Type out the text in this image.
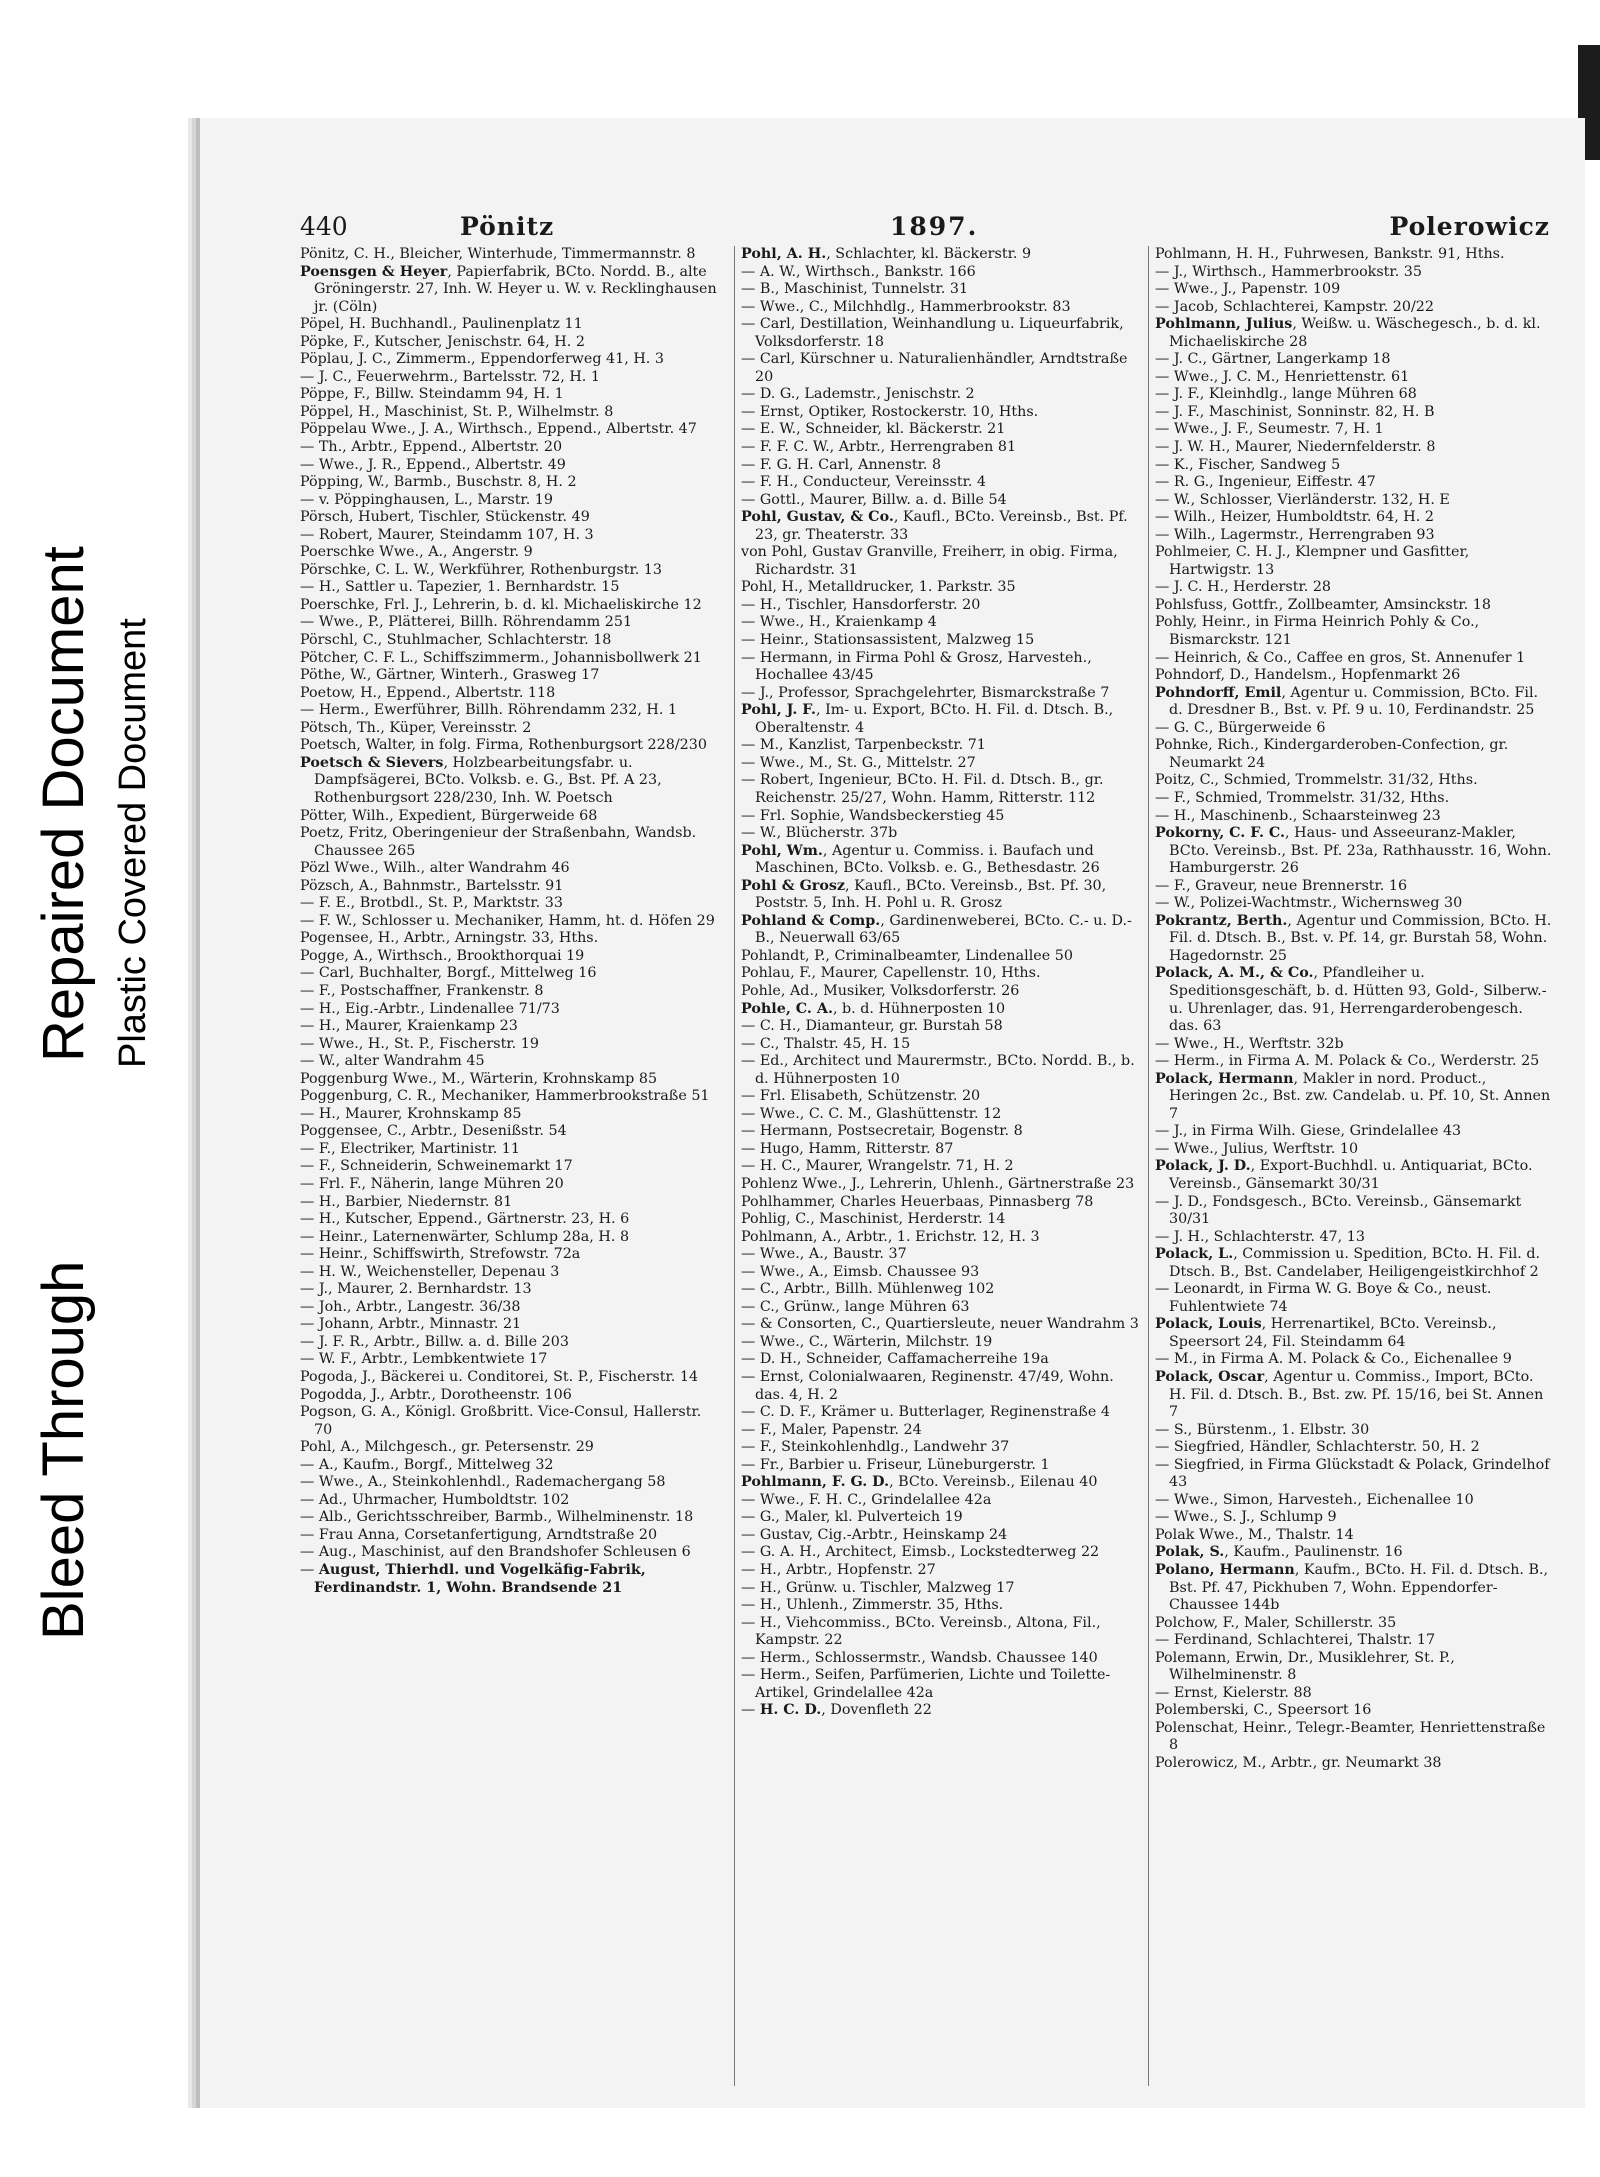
Bleed Through
Repaired Document Plastic Covered Document
440	Pönitz	1897.	Polerowicz
Pönitz, C. H., Bleicher, Winterhude, Timmermannstr. 8
Poensgen & Heyer, Papierfabrik, BCto. Nordd. B., alte Gröningerstr. 27, Inh. W. Heyer u. W. v. Recklinghausen jr. (Cöln)
Pöpel, H. Buchhandl., Paulinenplatz 11
Pöpke, F., Kutscher, Jenischstr. 64, H. 2
Pöplau, J. C., Zimmerm., Eppendorferweg 41, H. 3
— J. C., Feuerwehrm., Bartelsstr. 72, H. 1
Pöppe, F., Billw. Steindamm 94, H. 1
Pöppel, H., Maschinist, St. P., Wilhelmstr. 8
Pöppelau Wwe., J. A., Wirthsch., Eppend., Albertstr. 47
— Th., Arbtr., Eppend., Albertstr. 20
— Wwe., J. R., Eppend., Albertstr. 49
Pöpping, W., Barmb., Buschstr. 8, H. 2
— v. Pöppinghausen, L., Marstr. 19
Pörsch, Hubert, Tischler, Stückenstr. 49
— Robert, Maurer, Steindamm 107, H. 3
Poerschke Wwe., A., Angerstr. 9
Pörschke, C. L. W., Werkführer, Rothenburgstr. 13
— H., Sattler u. Tapezier, 1. Bernhardstr. 15
Poerschke, Frl. J., Lehrerin, b. d. kl. Michaeliskirche 12
— Wwe., P., Plätterei, Billh. Röhrendamm 251
Pörschl, C., Stuhlmacher, Schlachterstr. 18
Pötcher, C. F. L., Schiffszimmerm., Johannisbollwerk 21
Pöthe, W., Gärtner, Winterh., Grasweg 17
Poetow, H., Eppend., Albertstr. 118
— Herm., Ewerführer, Billh. Röhrendamm 232, H. 1
Pötsch, Th., Küper, Vereinsstr. 2
Poetsch, Walter, in folg. Firma, Rothenburgsort 228/230
Poetsch & Sievers, Holzbearbeitungsfabr. u. Dampfsägerei, BCto. Volksb. e. G., Bst. Pf. A 23, Rothenburgsort 228/230, Inh. W. Poetsch
Pötter, Wilh., Expedient, Bürgerweide 68
Poetz, Fritz, Oberingenieur der Straßenbahn, Wandsb. Chaussee 265
Pözl Wwe., Wilh., alter Wandrahm 46
Pözsch, A., Bahnmstr., Bartelsstr. 91
— F. E., Brotbdl., St. P., Marktstr. 33
— F. W., Schlosser u. Mechaniker, Hamm, ht. d. Höfen 29
Pogensee, H., Arbtr., Arningstr. 33, Hths.
Pogge, A., Wirthsch., Brookthorquai 19
— Carl, Buchhalter, Borgf., Mittelweg 16
— F., Postschaffner, Frankenstr. 8
— H., Eig.-Arbtr., Lindenallee 71/73
— H., Maurer, Kraienkamp 23
— Wwe., H., St. P., Fischerstr. 19
— W., alter Wandrahm 45
Poggenburg Wwe., M., Wärterin, Krohnskamp 85
Poggenburg, C. R., Mechaniker, Hammerbrookstraße 51
— H., Maurer, Krohnskamp 85
Poggensee, C., Arbtr., Desenißstr. 54
— F., Electriker, Martinistr. 11
— F., Schneiderin, Schweinemarkt 17
— Frl. F., Näherin, lange Mühren 20
— H., Barbier, Niedernstr. 81
— H., Kutscher, Eppend., Gärtnerstr. 23, H. 6
— Heinr., Laternenwärter, Schlump 28a, H. 8
— Heinr., Schiffswirth, Strefowstr. 72a
— H. W., Weichensteller, Depenau 3
— J., Maurer, 2. Bernhardstr. 13
— Joh., Arbtr., Langestr. 36/38
— Johann, Arbtr., Minnastr. 21
— J. F. R., Arbtr., Billw. a. d. Bille 203
— W. F., Arbtr., Lembkentwiete 17
Pogoda, J., Bäckerei u. Conditorei, St. P., Fischerstr. 14
Pogodda, J., Arbtr., Dorotheenstr. 106
Pogson, G. A., Königl. Großbritt. Vice-Consul, Hallerstr. 70
Pohl, A., Milchgesch., gr. Petersenstr. 29
— A., Kaufm., Borgf., Mittelweg 32
— Wwe., A., Steinkohlenhdl., Rademachergang 58
— Ad., Uhrmacher, Humboldtstr. 102
— Alb., Gerichtsschreiber, Barmb., Wilhelminenstr. 18
— Frau Anna, Corsetanfertigung, Arndtstraße 20
— Aug., Maschinist, auf den Brandshofer Schleusen 6
— August, Thierhdl. und Vogelkäfig-Fabrik, Ferdinandstr. 1, Wohn. Brandsende 21
Pohl, A. H., Schlachter, kl. Bäckerstr. 9
— A. W., Wirthsch., Bankstr. 166
— B., Maschinist, Tunnelstr. 31
— Wwe., C., Milchhdlg., Hammerbrookstr. 83
— Carl, Destillation, Weinhandlung u. Liqueurfabrik, Volksdorferstr. 18
— Carl, Kürschner u. Naturalienhändler, Arndtstraße 20
— D. G., Lademstr., Jenischstr. 2
— Ernst, Optiker, Rostockerstr. 10, Hths.
— E. W., Schneider, kl. Bäckerstr. 21
— F. F. C. W., Arbtr., Herrengraben 81
— F. G. H. Carl, Annenstr. 8
— F. H., Conducteur, Vereinsstr. 4
— Gottl., Maurer, Billw. a. d. Bille 54
Pohl, Gustav, & Co., Kaufl., BCto. Vereinsb., Bst. Pf. 23, gr. Theaterstr. 33
von Pohl, Gustav Granville, Freiherr, in obig. Firma, Richardstr. 31
Pohl, H., Metalldrucker, 1. Parkstr. 35
— H., Tischler, Hansdorferstr. 20
— Wwe., H., Kraienkamp 4
— Heinr., Stationsassistent, Malzweg 15
— Hermann, in Firma Pohl & Grosz, Harvesteh., Hochallee 43/45
— J., Professor, Sprachgelehrter, Bismarckstraße 7
Pohl, J. F., Im- u. Export, BCto. H. Fil. d. Dtsch. B., Oberaltenstr. 4
— M., Kanzlist, Tarpenbeckstr. 71
— Wwe., M., St. G., Mittelstr. 27
— Robert, Ingenieur, BCto. H. Fil. d. Dtsch. B., gr. Reichenstr. 25/27, Wohn. Hamm, Ritterstr. 112
— Frl. Sophie, Wandsbeckerstieg 45
— W., Blücherstr. 37b
Pohl, Wm., Agentur u. Commiss. i. Baufach und Maschinen, BCto. Volksb. e. G., Bethesdastr. 26
Pohl & Grosz, Kaufl., BCto. Vereinsb., Bst. Pf. 30, Poststr. 5, Inh. H. Pohl u. R. Grosz
Pohland & Comp., Gardinenweberei, BCto. C.- u. D.-B., Neuerwall 63/65
Pohlandt, P., Criminalbeamter, Lindenallee 50
Pohlau, F., Maurer, Capellenstr. 10, Hths.
Pohle, Ad., Musiker, Volksdorferstr. 26
Pohle, C. A., b. d. Hühnerposten 10
— C. H., Diamanteur, gr. Burstah 58
— C., Thalstr. 45, H. 15
— Ed., Architect und Maurermstr., BCto. Nordd. B., b. d. Hühnerposten 10
— Frl. Elisabeth, Schützenstr. 20
— Wwe., C. C. M., Glashüttenstr. 12
— Hermann, Postsecretair, Bogenstr. 8
— Hugo, Hamm, Ritterstr. 87
— H. C., Maurer, Wrangelstr. 71, H. 2
Pohlenz Wwe., J., Lehrerin, Uhlenh., Gärtnerstraße 23
Pohlhammer, Charles Heuerbaas, Pinnasberg 78
Pohlig, C., Maschinist, Herderstr. 14
Pohlmann, A., Arbtr., 1. Erichstr. 12, H. 3
— Wwe., A., Baustr. 37
— Wwe., A., Eimsb. Chaussee 93
— C., Arbtr., Billh. Mühlenweg 102
— C., Grünw., lange Mühren 63
— & Consorten, C., Quartiersleute, neuer Wandrahm 3
— Wwe., C., Wärterin, Milchstr. 19
— D. H., Schneider, Caffamacherreihe 19a
— Ernst, Colonialwaaren, Reginenstr. 47/49, Wohn. das. 4, H. 2
— C. D. F., Krämer u. Butterlager, Reginenstraße 4
— F., Maler, Papenstr. 24
— F., Steinkohlenhdlg., Landwehr 37
— Fr., Barbier u. Friseur, Lüneburgerstr. 1
Pohlmann, F. G. D., BCto. Vereinsb., Eilenau 40
— Wwe., F. H. C., Grindelallee 42a
— G., Maler, kl. Pulverteich 19
— Gustav, Cig.-Arbtr., Heinskamp 24
— G. A. H., Architect, Eimsb., Lockstedterweg 22
— H., Arbtr., Hopfenstr. 27
— H., Grünw. u. Tischler, Malzweg 17
— H., Uhlenh., Zimmerstr. 35, Hths.
— H., Viehcommiss., BCto. Vereinsb., Altona, Fil., Kampstr. 22
— Herm., Schlossermstr., Wandsb. Chaussee 140
— Herm., Seifen, Parfümerien, Lichte und Toilette-Artikel, Grindelallee 42a
— H. C. D., Dovenfleth 22
Pohlmann, H. H., Fuhrwesen, Bankstr. 91, Hths.
— J., Wirthsch., Hammerbrookstr. 35
— Wwe., J., Papenstr. 109
— Jacob, Schlachterei, Kampstr. 20/22
Pohlmann, Julius, Weißw. u. Wäschegesch., b. d. kl. Michaeliskirche 28
— J. C., Gärtner, Langerkamp 18
— Wwe., J. C. M., Henriettenstr. 61
— J. F., Kleinhdlg., lange Mühren 68
— J. F., Maschinist, Sonninstr. 82, H. B
— Wwe., J. F., Seumestr. 7, H. 1
— J. W. H., Maurer, Niedernfelderstr. 8
— K., Fischer, Sandweg 5
— R. G., Ingenieur, Eiffestr. 47
— W., Schlosser, Vierländerstr. 132, H. E
— Wilh., Heizer, Humboldtstr. 64, H. 2
— Wilh., Lagermstr., Herrengraben 93
Pohlmeier, C. H. J., Klempner und Gasfitter, Hartwigstr. 13
— J. C. H., Herderstr. 28
Pohlsfuss, Gottfr., Zollbeamter, Amsinckstr. 18
Pohly, Heinr., in Firma Heinrich Pohly & Co., Bismarckstr. 121
— Heinrich, & Co., Caffee en gros, St. Annenufer 1
Pohndorf, D., Handelsm., Hopfenmarkt 26
Pohndorff, Emil, Agentur u. Commission, BCto. Fil. d. Dresdner B., Bst. v. Pf. 9 u. 10, Ferdinandstr. 25
— G. C., Bürgerweide 6
Pohnke, Rich., Kindergarderoben-Confection, gr. Neumarkt 24
Poitz, C., Schmied, Trommelstr. 31/32, Hths.
— F., Schmied, Trommelstr. 31/32, Hths.
— H., Maschinenb., Schaarsteinweg 23
Pokorny, C. F. C., Haus- und Asseeuranz-Makler, BCto. Vereinsb., Bst. Pf. 23a, Rathhausstr. 16, Wohn. Hamburgerstr. 26
— F., Graveur, neue Brennerstr. 16
— W., Polizei-Wachtmstr., Wichernsweg 30
Pokrantz, Berth., Agentur und Commission, BCto. H. Fil. d. Dtsch. B., Bst. v. Pf. 14, gr. Burstah 58, Wohn. Hagedornstr. 25
Polack, A. M., & Co., Pfandleiher u. Speditionsgeschäft, b. d. Hütten 93, Gold-, Silberw.- u. Uhrenlager, das. 91, Herrengarderobengesch. das. 63
— Wwe., H., Werftstr. 32b
— Herm., in Firma A. M. Polack & Co., Werderstr. 25
Polack, Hermann, Makler in nord. Product., Heringen 2c., Bst. zw. Candelab. u. Pf. 10, St. Annen 7
— J., in Firma Wilh. Giese, Grindelallee 43
— Wwe., Julius, Werftstr. 10
Polack, J. D., Export-Buchhdl. u. Antiquariat, BCto. Vereinsb., Gänsemarkt 30/31
— J. D., Fondsgesch., BCto. Vereinsb., Gänsemarkt 30/31
— J. H., Schlachterstr. 47, 13
Polack, L., Commission u. Spedition, BCto. H. Fil. d. Dtsch. B., Bst. Candelaber, Heiligengeistkirchhof 2
— Leonardt, in Firma W. G. Boye & Co., neust. Fuhlentwiete 74
Polack, Louis, Herrenartikel, BCto. Vereinsb., Speersort 24, Fil. Steindamm 64
— M., in Firma A. M. Polack & Co., Eichenallee 9
Polack, Oscar, Agentur u. Commiss., Import, BCto. H. Fil. d. Dtsch. B., Bst. zw. Pf. 15/16, bei St. Annen 7
— S., Bürstenm., 1. Elbstr. 30
— Siegfried, Händler, Schlachterstr. 50, H. 2
— Siegfried, in Firma Glückstadt & Polack, Grindelhof 43
— Wwe., Simon, Harvesteh., Eichenallee 10
— Wwe., S. J., Schlump 9
Polak Wwe., M., Thalstr. 14
Polak, S., Kaufm., Paulinenstr. 16
Polano, Hermann, Kaufm., BCto. H. Fil. d. Dtsch. B., Bst. Pf. 47, Pickhuben 7, Wohn. Eppendorfer-Chaussee 144b
Polchow, F., Maler, Schillerstr. 35
— Ferdinand, Schlachterei, Thalstr. 17
Polemann, Erwin, Dr., Musiklehrer, St. P., Wilhelminenstr. 8
— Ernst, Kielerstr. 88
Polemberski, C., Speersort 16
Polenschat, Heinr., Telegr.-Beamter, Henriettenstraße 8
Polerowicz, M., Arbtr., gr. Neumarkt 38
